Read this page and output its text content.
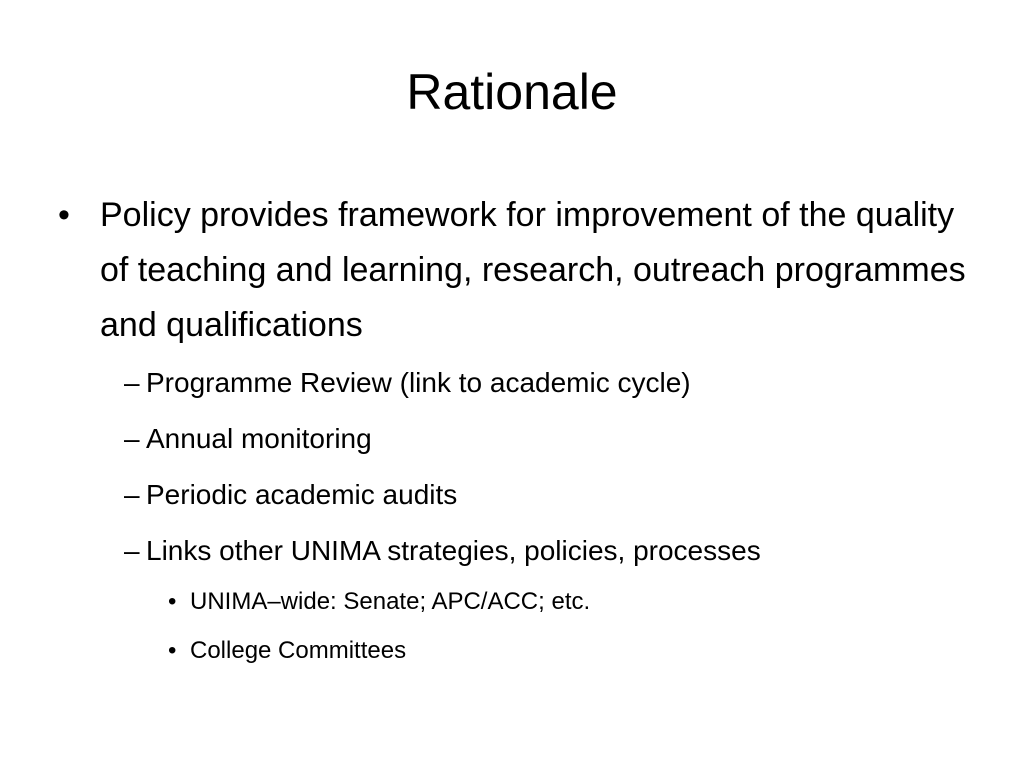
Rationale

• Policy provides framework for improvement of the quality of teaching and learning, research, outreach programmes and qualifications

– Programme Review (link to academic cycle)
– Annual monitoring
– Periodic academic audits
– Links other UNIMA strategies, policies, processes
• UNIMA–wide: Senate; APC/ACC; etc.
• College Committees
